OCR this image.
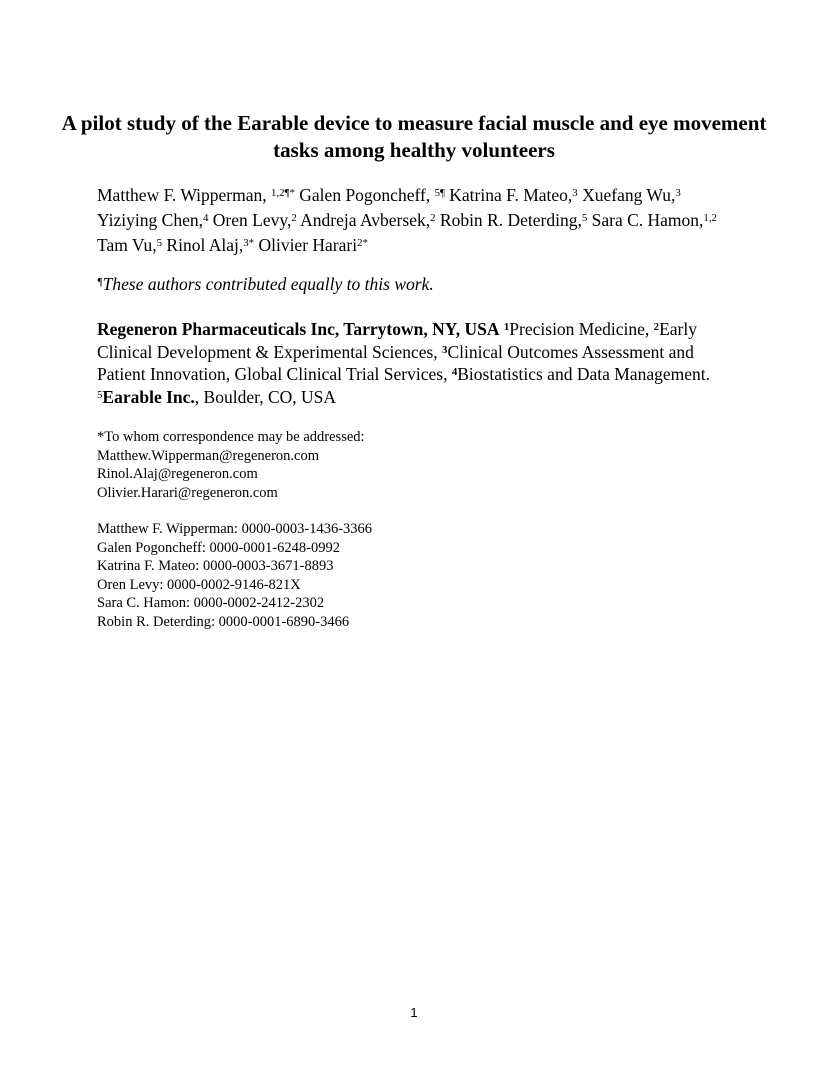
A pilot study of the Earable device to measure facial muscle and eye movement tasks among healthy volunteers

Matthew F. Wipperman, $^{1,2\P*}$ Galen Pogoncheff, $^{5\P}$ Katrina F. Mateo,$^3$ Xuefang Wu,$^3$ Yiziying Chen,$^4$ Oren Levy,$^2$ Andreja Avbersek,$^2$ Robin R. Deterding,$^5$ Sara C. Hamon,$^{1,2}$ Tam Vu,$^5$ Rinol Alaj,$^{3*}$ Olivier Harari$^{2*}$

¶These authors contributed equally to this work.

Regeneron Pharmaceuticals Inc, Tarrytown, NY, USA $^1$Precision Medicine, $^2$Early Clinical Development & Experimental Sciences, $^3$Clinical Outcomes Assessment and Patient Innovation, Global Clinical Trial Services, $^4$Biostatistics and Data Management. $^5$Earable Inc., Boulder, CO, USA

*To whom correspondence may be addressed:
Matthew.Wipperman@regeneron.com
Rinol.Alaj@regeneron.com
Olivier.Harari@regeneron.com
Matthew F. Wipperman: 0000-0003-1436-3366
Galen Pogoncheff: 0000-0001-6248-0992
Katrina F. Mateo: 0000-0003-3671-8893
Oren Levy: 0000-0002-9146-821X
Sara C. Hamon: 0000-0002-2412-2302
Robin R. Deterding: 0000-0001-6890-3466
1
